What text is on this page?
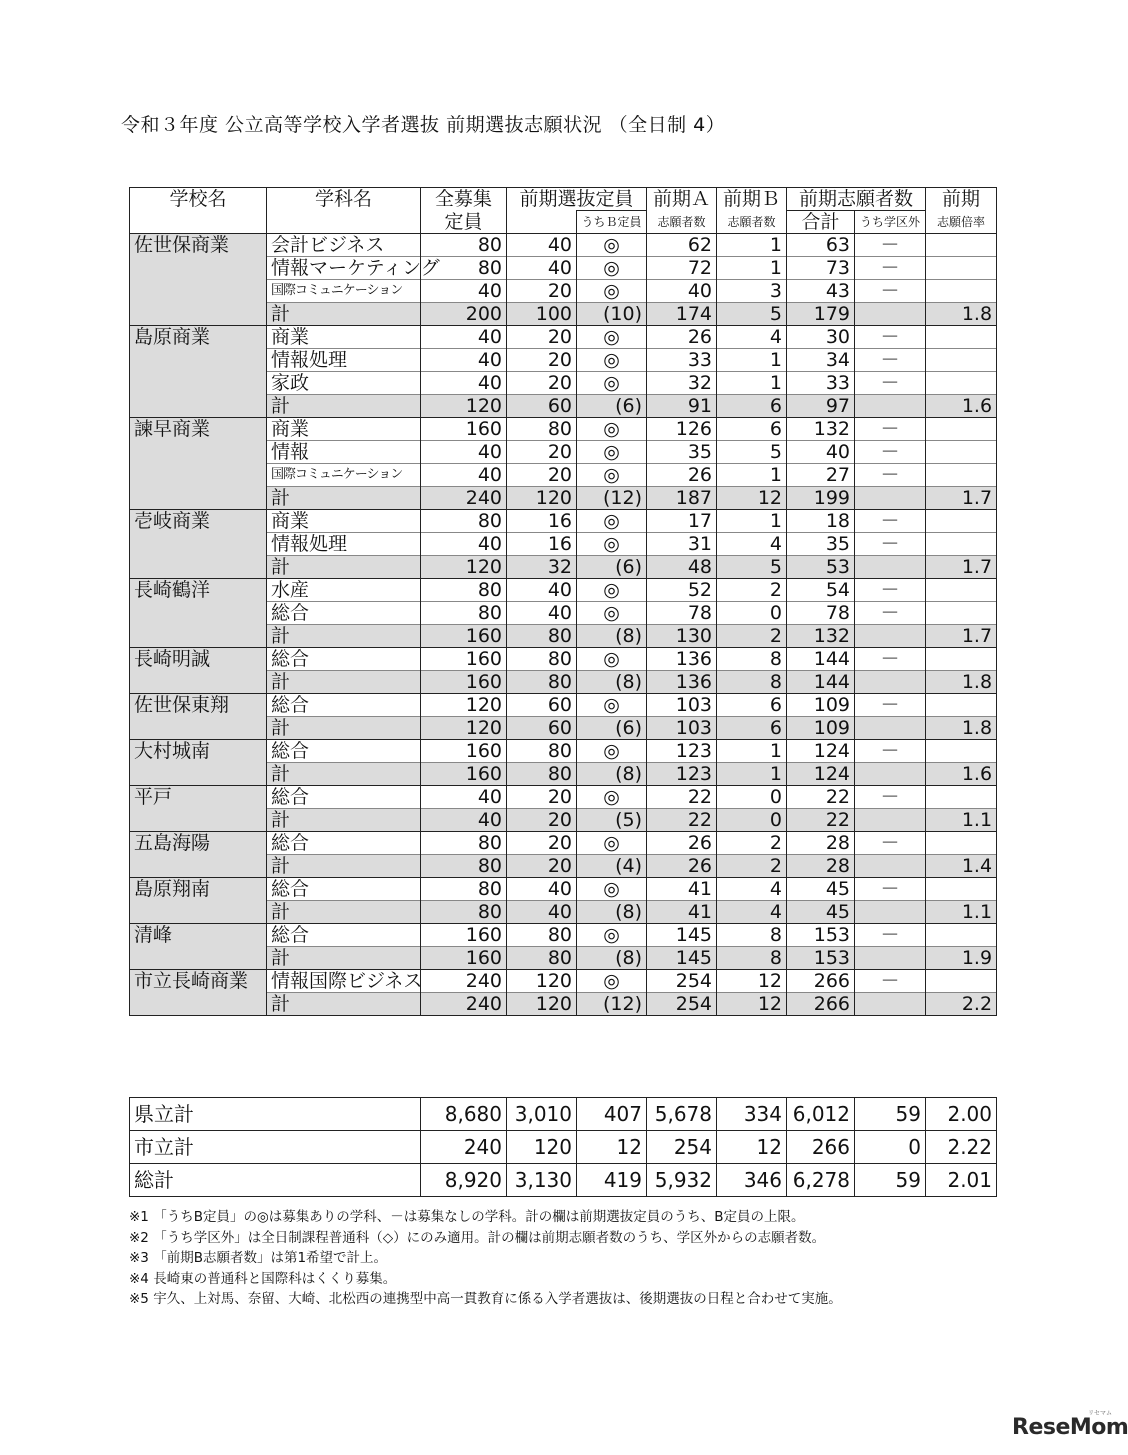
令和３年度 公立高等学校入学者選抜 前期選抜志願状況 （全日制 4）
学校名	学科名	全募集	前期選抜定員		前期Ａ	前期Ｂ	前期志願者数		前期
		定員		うちＢ定員	志願者数	志願者数	合計	うち学区外	志願倍率
佐世保商業	会計ビジネス	80	40	◎	62	1	63	－	
	情報マーケティング	80	40	◎	72	1	73	－	
	国際コミュニケーション	40	20	◎	40	3	43	－	
	計	200	100	(10)	174	5	179		1.8
島原商業	商業	40	20	◎	26	4	30	－	
	情報処理	40	20	◎	33	1	34	－	
	家政	40	20	◎	32	1	33	－	
	計	120	60	(6)	91	6	97		1.6
諫早商業	商業	160	80	◎	126	6	132	－	
	情報	40	20	◎	35	5	40	－	
	国際コミュニケーション	40	20	◎	26	1	27	－	
	計	240	120	(12)	187	12	199		1.7
壱岐商業	商業	80	16	◎	17	1	18	－	
	情報処理	40	16	◎	31	4	35	－	
	計	120	32	(6)	48	5	53		1.7
長崎鶴洋	水産	80	40	◎	52	2	54	－	
	総合	80	40	◎	78	0	78	－	
	計	160	80	(8)	130	2	132		1.7
長崎明誠	総合	160	80	◎	136	8	144	－	
	計	160	80	(8)	136	8	144		1.8
佐世保東翔	総合	120	60	◎	103	6	109	－	
	計	120	60	(6)	103	6	109		1.8
大村城南	総合	160	80	◎	123	1	124	－	
	計	160	80	(8)	123	1	124		1.6
平戸	総合	40	20	◎	22	0	22	－	
	計	40	20	(5)	22	0	22		1.1
五島海陽	総合	80	20	◎	26	2	28	－	
	計	80	20	(4)	26	2	28		1.4
島原翔南	総合	80	40	◎	41	4	45	－	
	計	80	40	(8)	41	4	45		1.1
清峰	総合	160	80	◎	145	8	153	－	
	計	160	80	(8)	145	8	153		1.9
市立長崎商業	情報国際ビジネス	240	120	◎	254	12	266	－	
	計	240	120	(12)	254	12	266		2.2
県立計	8,680	3,010	407	5,678	334	6,012	59	2.00
市立計	240	120	12	254	12	266	0	2.22
総計	8,920	3,130	419	5,932	346	6,278	59	2.01
※1 「うちB定員」の◎は募集ありの学科、－は募集なしの学科。計の欄は前期選抜定員のうち、B定員の上限。
※2 「うち学区外」は全日制課程普通科（◇）にのみ適用。計の欄は前期志願者数のうち、学区外からの志願者数。
※3 「前期B志願者数」は第1希望で計上。
※4 長崎東の普通科と国際科はくくり募集。
※5 宇久、上対馬、奈留、大崎、北松西の連携型中高一貫教育に係る入学者選抜は、後期選抜の日程と合わせて実施。
リセマム
ReseMom
